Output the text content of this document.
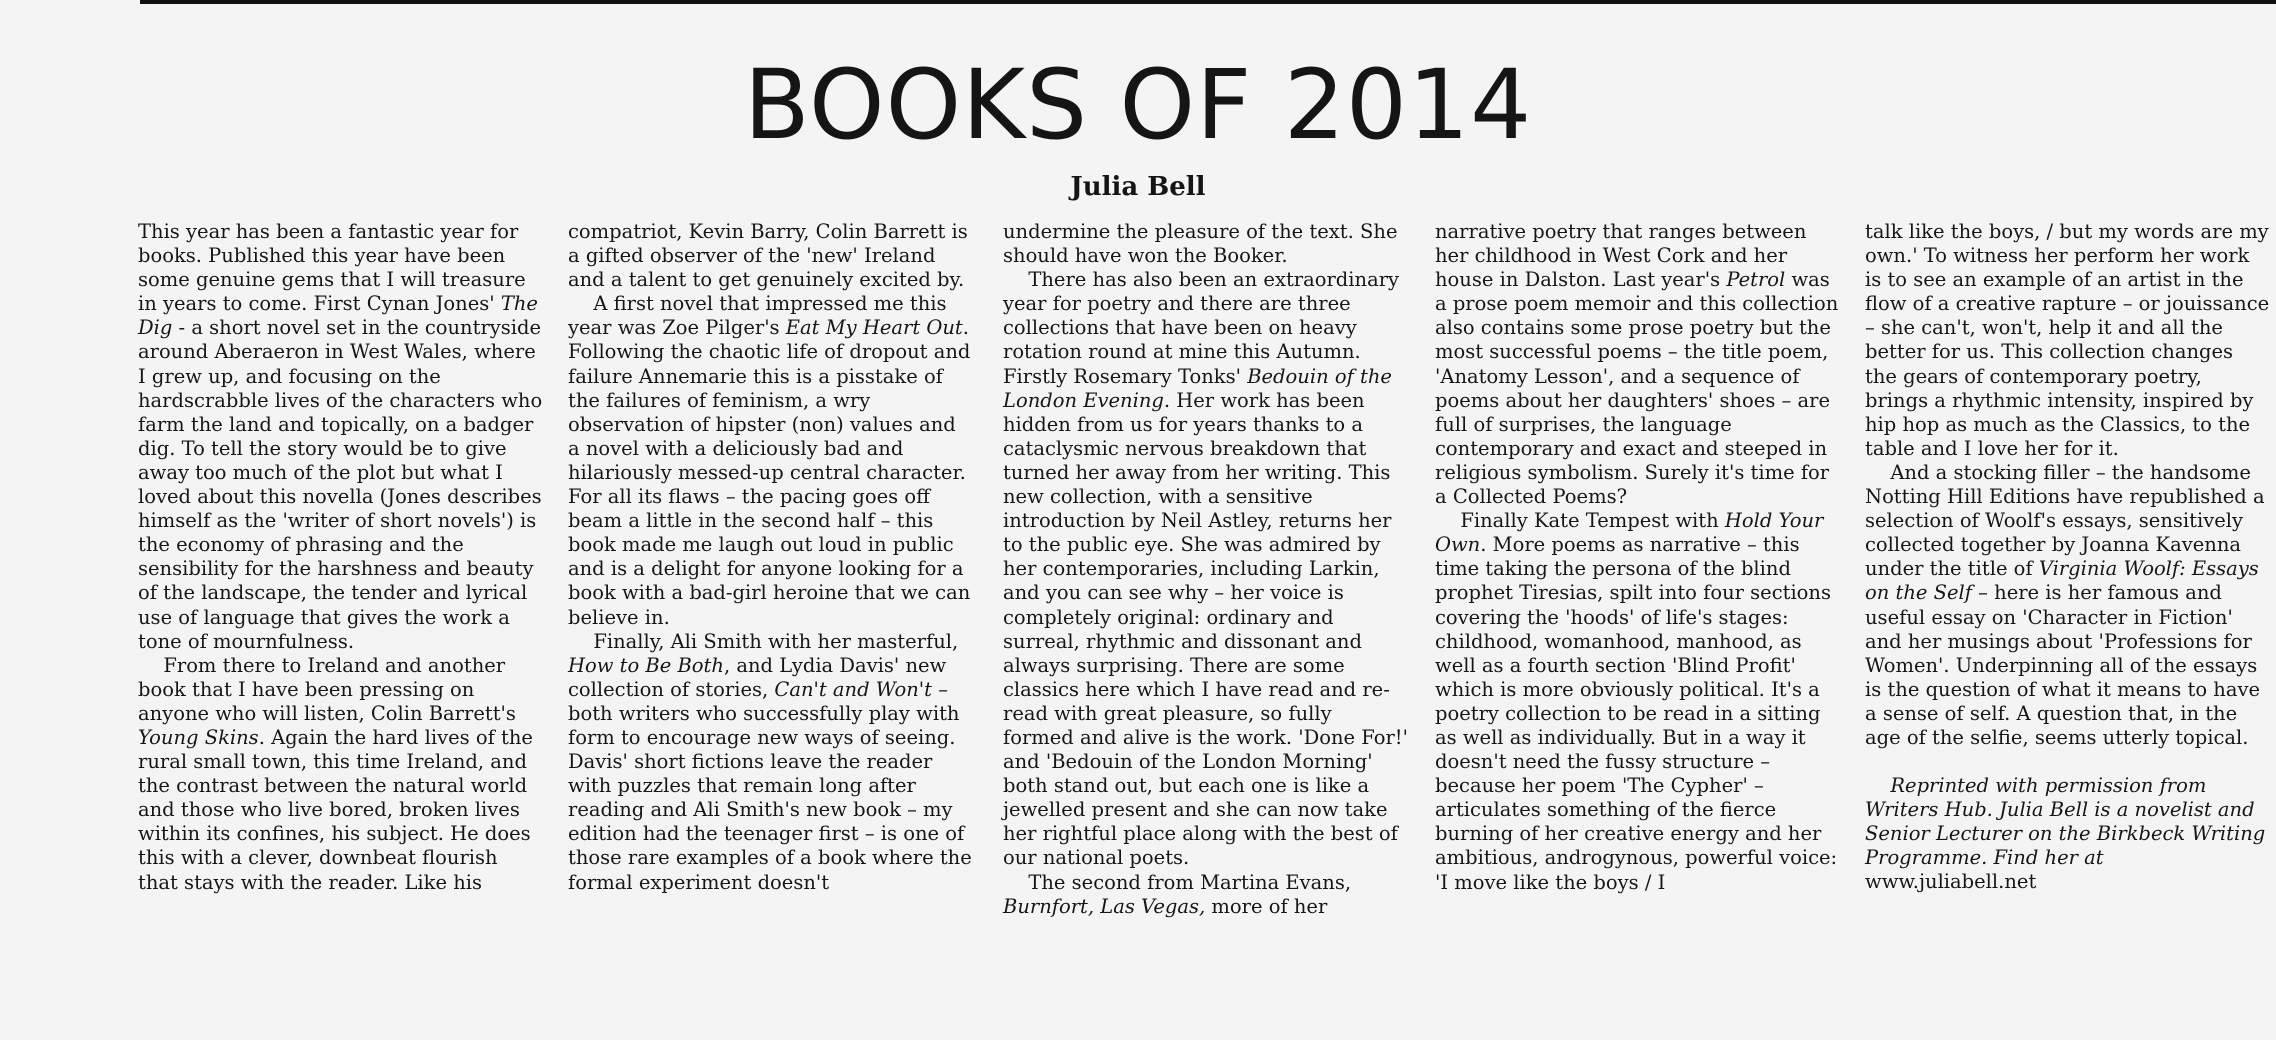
BOOKS OF 2014
Julia Bell

This year has been a fantastic year for books. Published this year have been some genuine gems that I will treasure in years to come. First Cynan Jones' The Dig - a short novel set in the countryside around Aberaeron in West Wales, where I grew up, and focusing on the hardscrabble lives of the characters who farm the land and topically, on a badger dig. To tell the story would be to give away too much of the plot but what I loved about this novella (Jones describes himself as the 'writer of short novels') is the economy of phrasing and the sensibility for the harshness and beauty of the landscape, the tender and lyrical use of language that gives the work a tone of mournfulness.

From there to Ireland and another book that I have been pressing on anyone who will listen, Colin Barrett's Young Skins. Again the hard lives of the rural small town, this time Ireland, and the contrast between the natural world and those who live bored, broken lives within its confines, his subject. He does this with a clever, downbeat flourish that stays with the reader. Like his

compatriot, Kevin Barry, Colin Barrett is a gifted observer of the 'new' Ireland and a talent to get genuinely excited by.

A first novel that impressed me this year was Zoe Pilger's Eat My Heart Out. Following the chaotic life of dropout and failure Annemarie this is a pisstake of the failures of feminism, a wry observation of hipster (non) values and a novel with a deliciously bad and hilariously messed-up central character. For all its flaws – the pacing goes off beam a little in the second half – this book made me laugh out loud in public and is a delight for anyone looking for a book with a bad-girl heroine that we can believe in.

Finally, Ali Smith with her masterful, How to Be Both, and Lydia Davis' new collection of stories, Can't and Won't – both writers who successfully play with form to encourage new ways of seeing. Davis' short fictions leave the reader with puzzles that remain long after reading and Ali Smith's new book – my edition had the teenager first – is one of those rare examples of a book where the formal experiment doesn't

undermine the pleasure of the text. She should have won the Booker.

There has also been an extraordinary year for poetry and there are three collections that have been on heavy rotation round at mine this Autumn. Firstly Rosemary Tonks' Bedouin of the London Evening. Her work has been hidden from us for years thanks to a cataclysmic nervous breakdown that turned her away from her writing. This new collection, with a sensitive introduction by Neil Astley, returns her to the public eye. She was admired by her contemporaries, including Larkin, and you can see why – her voice is completely original: ordinary and surreal, rhythmic and dissonant and always surprising. There are some classics here which I have read and re-read with great pleasure, so fully formed and alive is the work. 'Done For!' and 'Bedouin of the London Morning' both stand out, but each one is like a jewelled present and she can now take her rightful place along with the best of our national poets.

The second from Martina Evans, Burnfort, Las Vegas, more of her

narrative poetry that ranges between her childhood in West Cork and her house in Dalston. Last year's Petrol was a prose poem memoir and this collection also contains some prose poetry but the most successful poems – the title poem, 'Anatomy Lesson', and a sequence of poems about her daughters' shoes – are full of surprises, the language contemporary and exact and steeped in religious symbolism. Surely it's time for a Collected Poems?

Finally Kate Tempest with Hold Your Own. More poems as narrative – this time taking the persona of the blind prophet Tiresias, spilt into four sections covering the 'hoods' of life's stages: childhood, womanhood, manhood, as well as a fourth section 'Blind Profit' which is more obviously political. It's a poetry collection to be read in a sitting as well as individually. But in a way it doesn't need the fussy structure – because her poem 'The Cypher' – articulates something of the fierce burning of her creative energy and her ambitious, androgynous, powerful voice: 'I move like the boys / I

talk like the boys, / but my words are my own.' To witness her perform her work is to see an example of an artist in the flow of a creative rapture – or jouissance – she can't, won't, help it and all the better for us. This collection changes the gears of contemporary poetry, brings a rhythmic intensity, inspired by hip hop as much as the Classics, to the table and I love her for it.

And a stocking filler – the handsome Notting Hill Editions have republished a selection of Woolf's essays, sensitively collected together by Joanna Kavenna under the title of Virginia Woolf: Essays on the Self – here is her famous and useful essay on 'Character in Fiction' and her musings about 'Professions for Women'. Underpinning all of the essays is the question of what it means to have a sense of self. A question that, in the age of the selfie, seems utterly topical.

Reprinted with permission from Writers Hub. Julia Bell is a novelist and Senior Lecturer on the Birkbeck Writing Programme. Find her at www.juliabell.net
